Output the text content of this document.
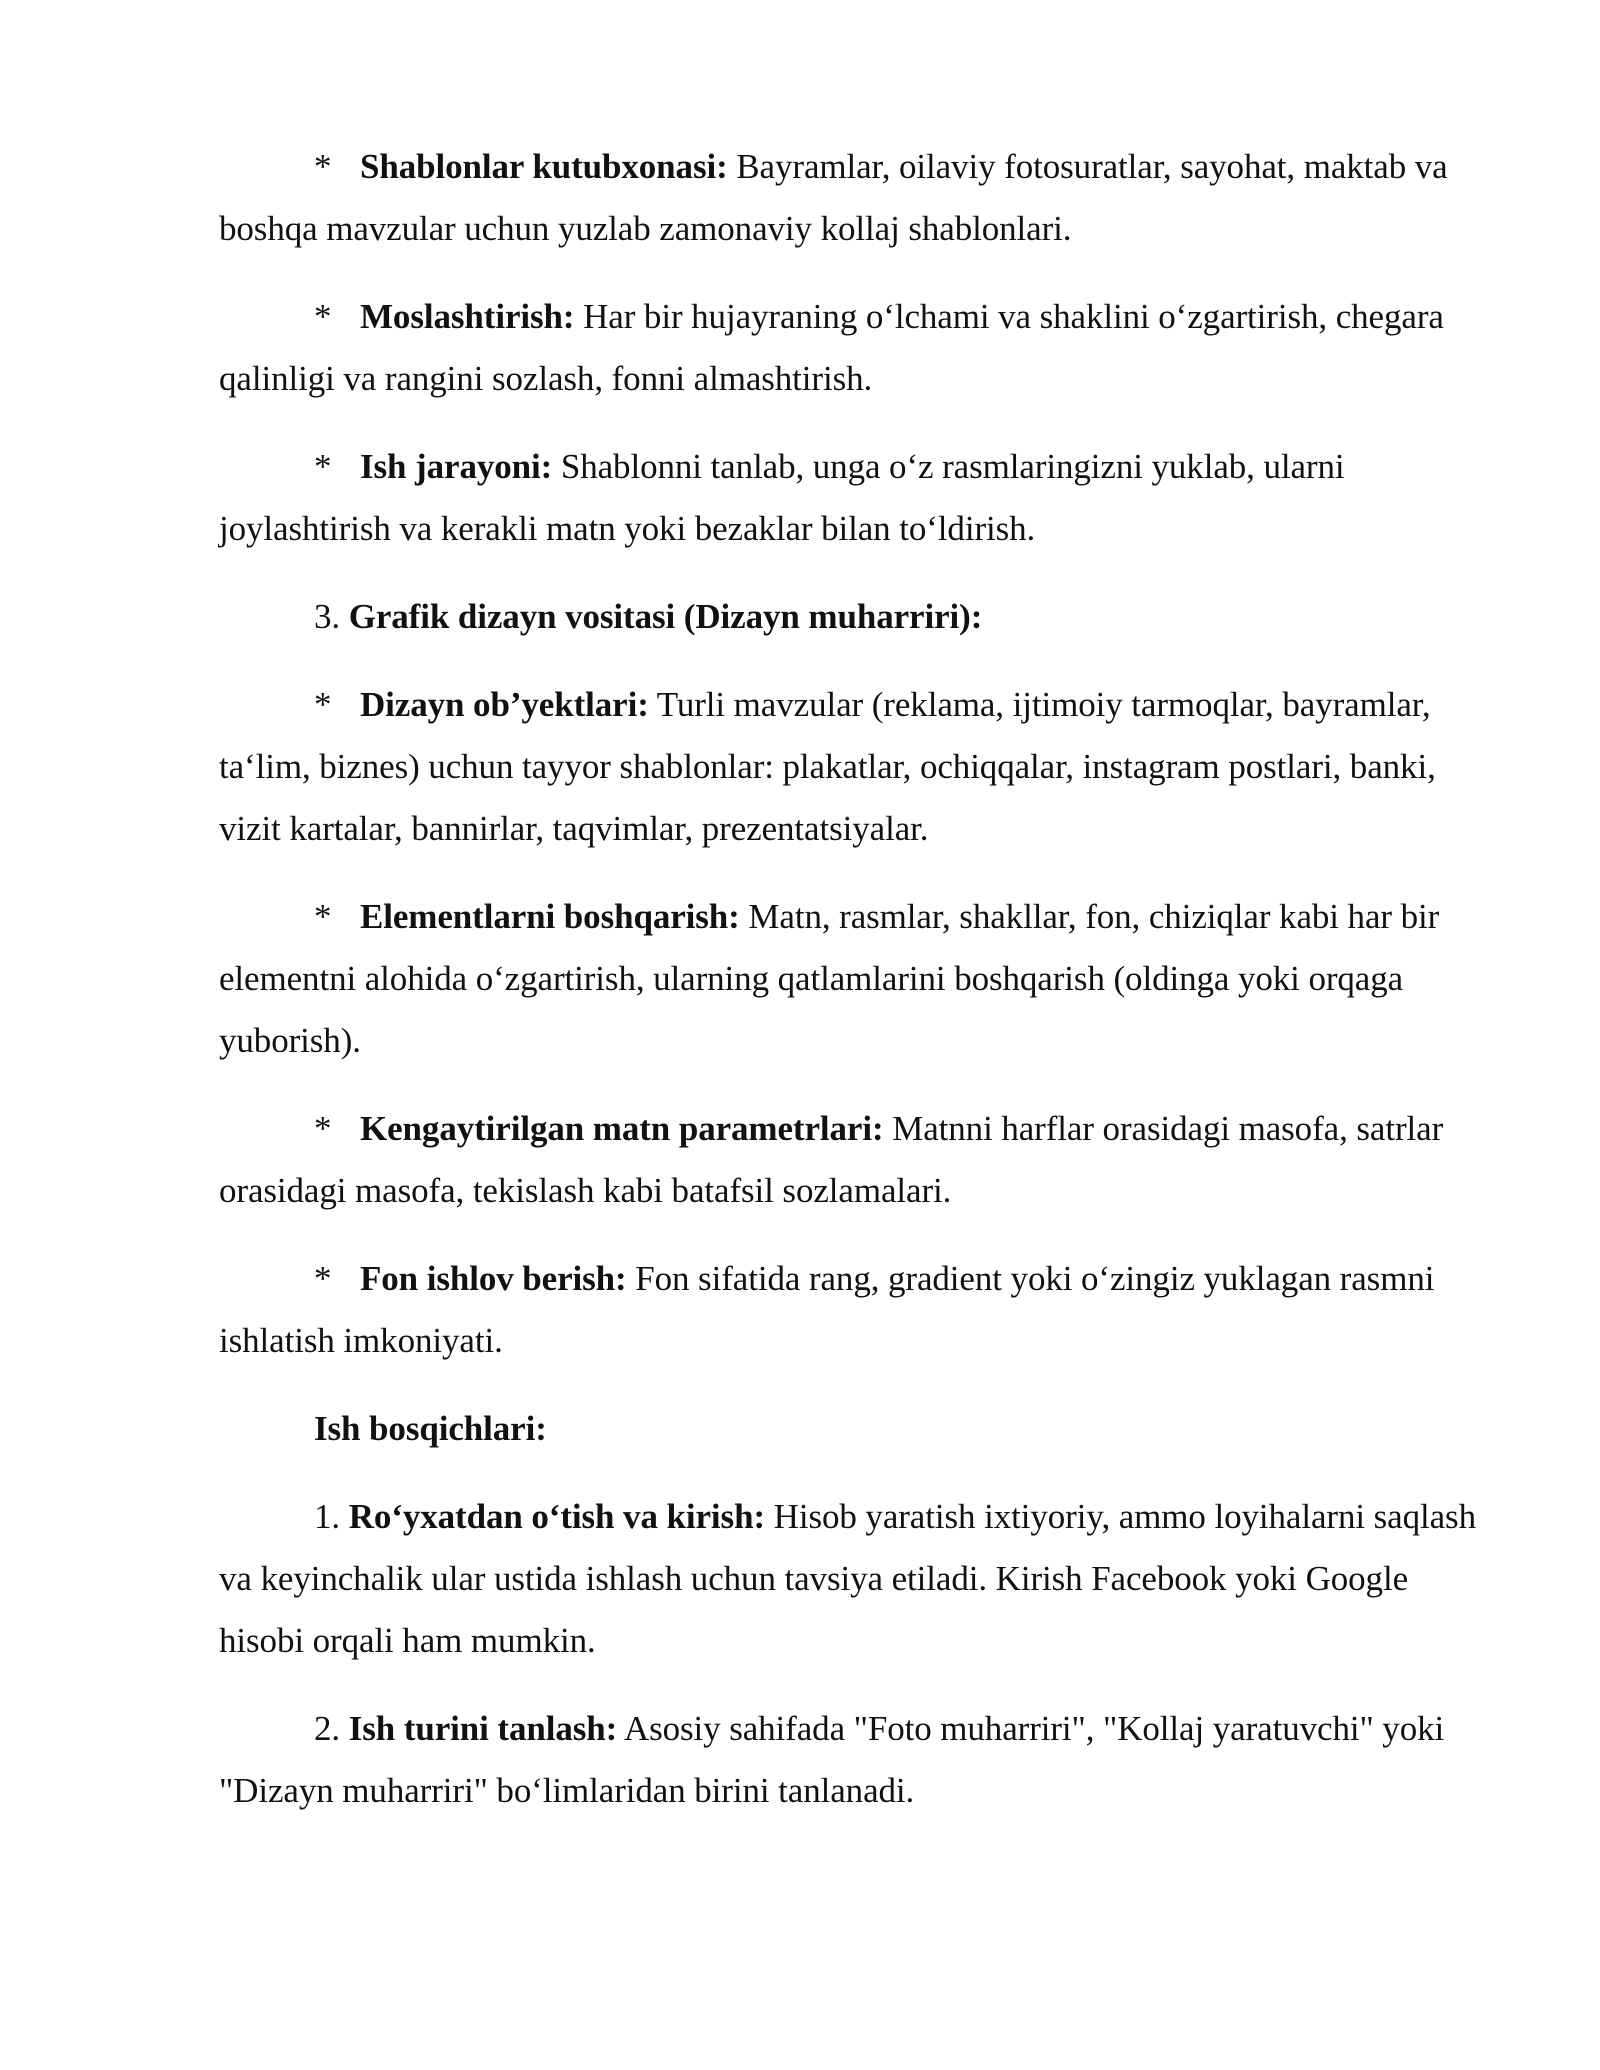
* Shablonlar kutubxonasi: Bayramlar, oilaviy fotosuratlar, sayohat, maktab va boshqa mavzular uchun yuzlab zamonaviy kollaj shablonlari.

* Moslashtirish: Har bir hujayraning o‘lchami va shaklini o‘zgartirish, chegara qalinligi va rangini sozlash, fonni almashtirish.

* Ish jarayoni: Shablonni tanlab, unga o‘z rasmlaringizni yuklab, ularni joylashtirish va kerakli matn yoki bezaklar bilan to‘ldirish.

3. Grafik dizayn vositasi (Dizayn muharriri):

* Dizayn ob’yektlari: Turli mavzular (reklama, ijtimoiy tarmoqlar, bayramlar, ta‘lim, biznes) uchun tayyor shablonlar: plakatlar, ochiqqalar, instagram postlari, banki, vizit kartalar, bannirlar, taqvimlar, prezentatsiyalar.

* Elementlarni boshqarish: Matn, rasmlar, shakllar, fon, chiziqlar kabi har bir elementni alohida o‘zgartirish, ularning qatlamlarini boshqarish (oldinga yoki orqaga yuborish).

* Kengaytirilgan matn parametrlari: Matnni harflar orasidagi masofa, satrlar orasidagi masofa, tekislash kabi batafsil sozlamalari.

* Fon ishlov berish: Fon sifatida rang, gradient yoki o‘zingiz yuklagan rasmni ishlatish imkoniyati.

Ish bosqichlari:

1. Ro‘yxatdan o‘tish va kirish: Hisob yaratish ixtiyoriy, ammo loyihalarni saqlash va keyinchalik ular ustida ishlash uchun tavsiya etiladi. Kirish Facebook yoki Google hisobi orqali ham mumkin.

2. Ish turini tanlash: Asosiy sahifada "Foto muharriri", "Kollaj yaratuvchi" yoki "Dizayn muharriri" bo‘limlaridan birini tanlanadi.
